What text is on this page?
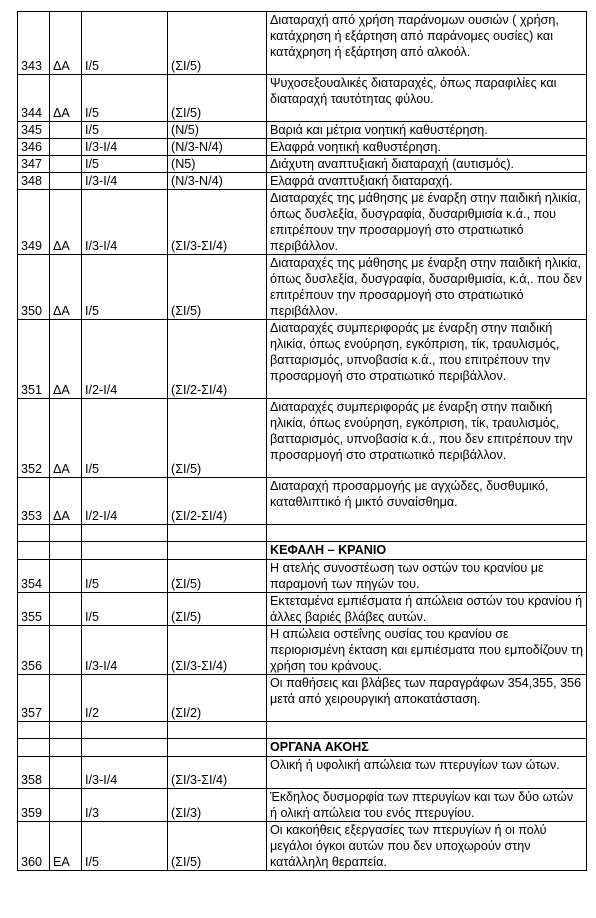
343	ΔΑ	Ι/5	(ΣΙ/5)	Διαταραχή από χρήση παράνομων ουσιών ( χρήση, κατάχρηση ή εξάρτηση από παράνομες ουσίες) και κατάχρηση ή εξάρτηση από αλκοόλ.
344	ΔΑ	Ι/5	(ΣΙ/5)	Ψυχοσεξουαλικές διαταραχές, όπως παραφιλίες και διαταραχή ταυτότητας φύλου.
345		Ι/5	(Ν/5)	Βαριά και μέτρια νοητική καθυστέρηση.
346		Ι/3-Ι/4	(Ν/3-Ν/4)	Ελαφρά νοητική καθυστέρηση.
347		Ι/5	(Ν5)	Διάχυτη αναπτυξιακή διαταραχή (αυτισμός).
348		Ι/3-Ι/4	(Ν/3-Ν/4)	Ελαφρά αναπτυξιακή διαταραχή.
349	ΔΑ	Ι/3-Ι/4	(ΣΙ/3-ΣΙ/4)	Διαταραχές της μάθησης με έναρξη στην παιδική ηλικία, όπως δυσλεξία, δυσγραφία, δυσαριθμισία κ.ά., που επιτρέπουν την προσαρμογή στο στρατιωτικό περιβάλλον.
350	ΔΑ	Ι/5	(ΣΙ/5)	Διαταραχές της μάθησης με έναρξη στην παιδική ηλικία, όπως δυσλεξία, δυσγραφία, δυσαριθμισία, κ.ά,. που δεν επιτρέπουν την προσαρμογή στο στρατιωτικό περιβάλλον.
351	ΔΑ	Ι/2-Ι/4	(ΣΙ/2-ΣΙ/4)	Διαταραχές συμπεριφοράς με έναρξη στην παιδική ηλικία, όπως ενούρηση, εγκόπριση, τίκ, τραυλισμός, βατταρισμός, υπνοβασία κ.ά., που επιτρέπουν την προσαρμογή στο στρατιωτικό περιβάλλον.
352	ΔΑ	Ι/5	(ΣΙ/5)	Διαταραχές συμπεριφοράς με έναρξη στην παιδική ηλικία, όπως ενούρηση, εγκόπριση, τίκ, τραυλισμός, βατταρισμός, υπνοβασία κ.ά., που δεν επιτρέπουν την προσαρμογή στο στρατιωτικό περιβάλλον.
353	ΔΑ	Ι/2-Ι/4	(ΣΙ/2-ΣΙ/4)	Διαταραχή προσαρμογής με αγχώδες, δυσθυμικό, καταθλιπτικό ή μικτό συναίσθημα.

				ΚΕΦΑΛΗ – ΚΡΑΝΙΟ
354		Ι/5	(ΣΙ/5)	Η ατελής συνοστέωση των οστών του κρανίου με παραμονή των πηγών του.
355		Ι/5	(ΣΙ/5)	Εκτεταμένα εμπιέσματα ή απώλεια οστών του κρανίου ή άλλες βαριές βλάβες αυτών.
356		Ι/3-Ι/4	(ΣΙ/3-ΣΙ/4)	Η απώλεια οστεΐνης ουσίας του κρανίου σε περιορισμένη έκταση και εμπιέσματα που εμποδίζουν τη χρήση του κράνους.
357		Ι/2	(ΣΙ/2)	Οι παθήσεις και βλάβες των παραγράφων 354,355, 356 μετά από χειρουργική αποκατάσταση.

				ΟΡΓΑΝΑ ΑΚΟΗΣ
358		Ι/3-Ι/4	(ΣΙ/3-ΣΙ/4)	Ολική ή υφολική απώλεια των πτερυγίων των ώτων.
359		Ι/3	(ΣΙ/3)	Έκδηλος δυσμορφία των πτερυγίων και των δύο ωτών ή ολική απώλεια του ενός πτερυγίου.
360	ΕΑ	Ι/5	(ΣΙ/5)	Οι κακοήθεις εξεργασίες των πτερυγίων ή οι πολύ μεγάλοι όγκοι αυτών που δεν υποχωρούν στην κατάλληλη θεραπεία.
